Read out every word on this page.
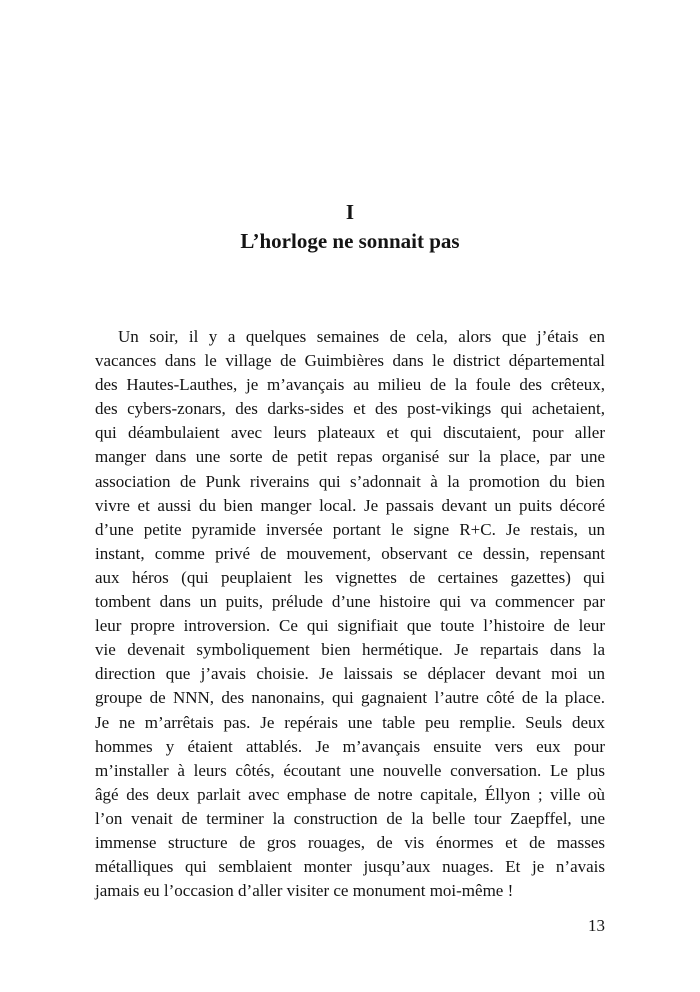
I
L’horloge ne sonnait pas
Un soir, il y a quelques semaines de cela, alors que j’étais en
vacances dans le village de Guimbières dans le district départemental
des Hautes-Lauthes, je m’avançais au milieu de la foule des crêteux,
des cybers-zonars, des darks-sides et des post-vikings qui achetaient,
qui déambulaient avec leurs plateaux et qui discutaient, pour aller
manger dans une sorte de petit repas organisé sur la place, par une
association de Punk riverains qui s’adonnait à la promotion du bien
vivre et aussi du bien manger local. Je passais devant un puits décoré
d’une petite pyramide inversée portant le signe R+C. Je restais, un
instant, comme privé de mouvement, observant ce dessin, repensant
aux héros (qui peuplaient les vignettes de certaines gazettes) qui
tombent dans un puits, prélude d’une histoire qui va commencer par
leur propre introversion. Ce qui signifiait que toute l’histoire de leur
vie devenait symboliquement bien hermétique. Je repartais dans la
direction que j’avais choisie. Je laissais se déplacer devant moi un
groupe de NNN, des nanonains, qui gagnaient l’autre côté de la place.
Je ne m’arrêtais pas. Je repérais une table peu remplie. Seuls deux
hommes y étaient attablés. Je m’avançais ensuite vers eux pour
m’installer à leurs côtés, écoutant une nouvelle conversation. Le plus
âgé des deux parlait avec emphase de notre capitale, Éllyon ; ville où
l’on venait de terminer la construction de la belle tour Zaepffel, une
immense structure de gros rouages, de vis énormes et de masses
métalliques qui semblaient monter jusqu’aux nuages. Et je n’avais
jamais eu l’occasion d’aller visiter ce monument moi-même !
13
